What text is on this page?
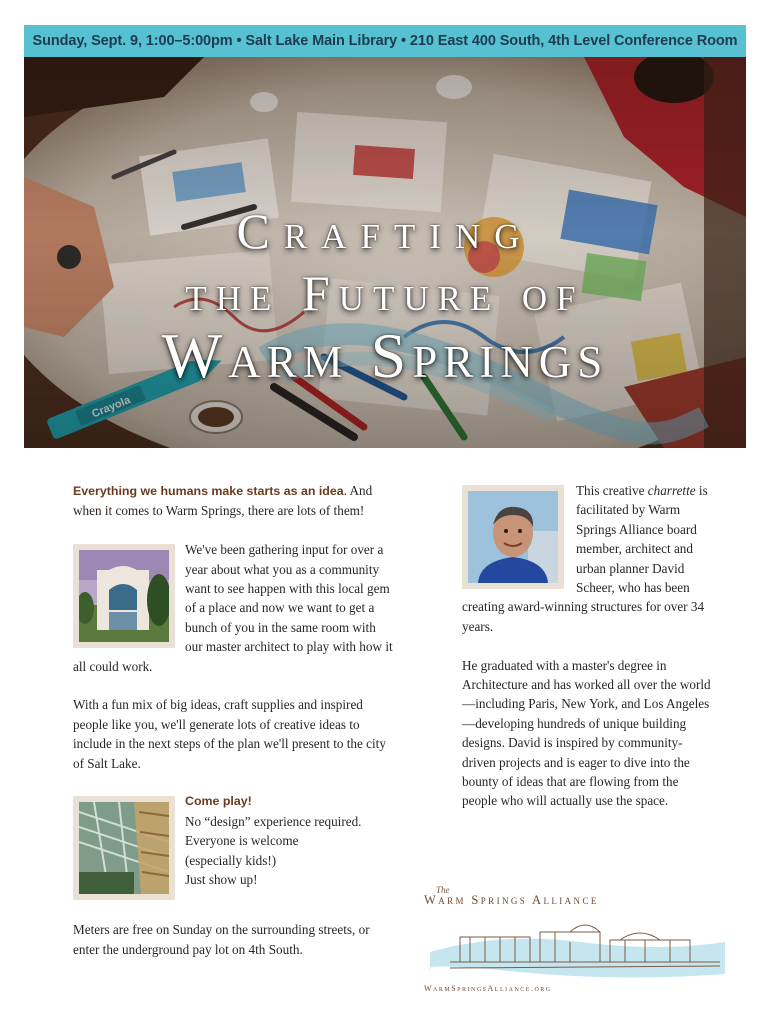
Sunday, Sept. 9, 1:00–5:00pm • Salt Lake Main Library • 210 East 400 South, 4th Level Conference Room
Crafting
the Future of
Warm Springs

Everything we humans make starts as an idea. And when it comes to Warm Springs, there are lots of them!

We've been gathering input for over a year about what you as a community want to see happen with this local gem of a place and now we want to get a bunch of you in the same room with our master architect to play with how it all could work.

With a fun mix of big ideas, craft supplies and inspired people like you, we'll generate lots of creative ideas to include in the next steps of the plan we'll present to the city of Salt Lake.

Come play!
No “design” experience required.
Everyone is welcome
(especially kids!)
Just show up!

Meters are free on Sunday on the surrounding streets, or enter the underground pay lot on 4th South.

This creative charrette is facilitated by Warm Springs Alliance board member, architect and urban planner David Scheer, who has been creating award-winning structures for over 34 years.

He graduated with a master's degree in Architecture and has worked all over the world—including Paris, New York, and Los Angeles—developing hundreds of unique building designs. David is inspired by community-driven projects and is eager to dive into the bounty of ideas that are flowing from the people who will actually use the space.

The
Warm Springs Alliance
WarmSpringsAlliance.org
